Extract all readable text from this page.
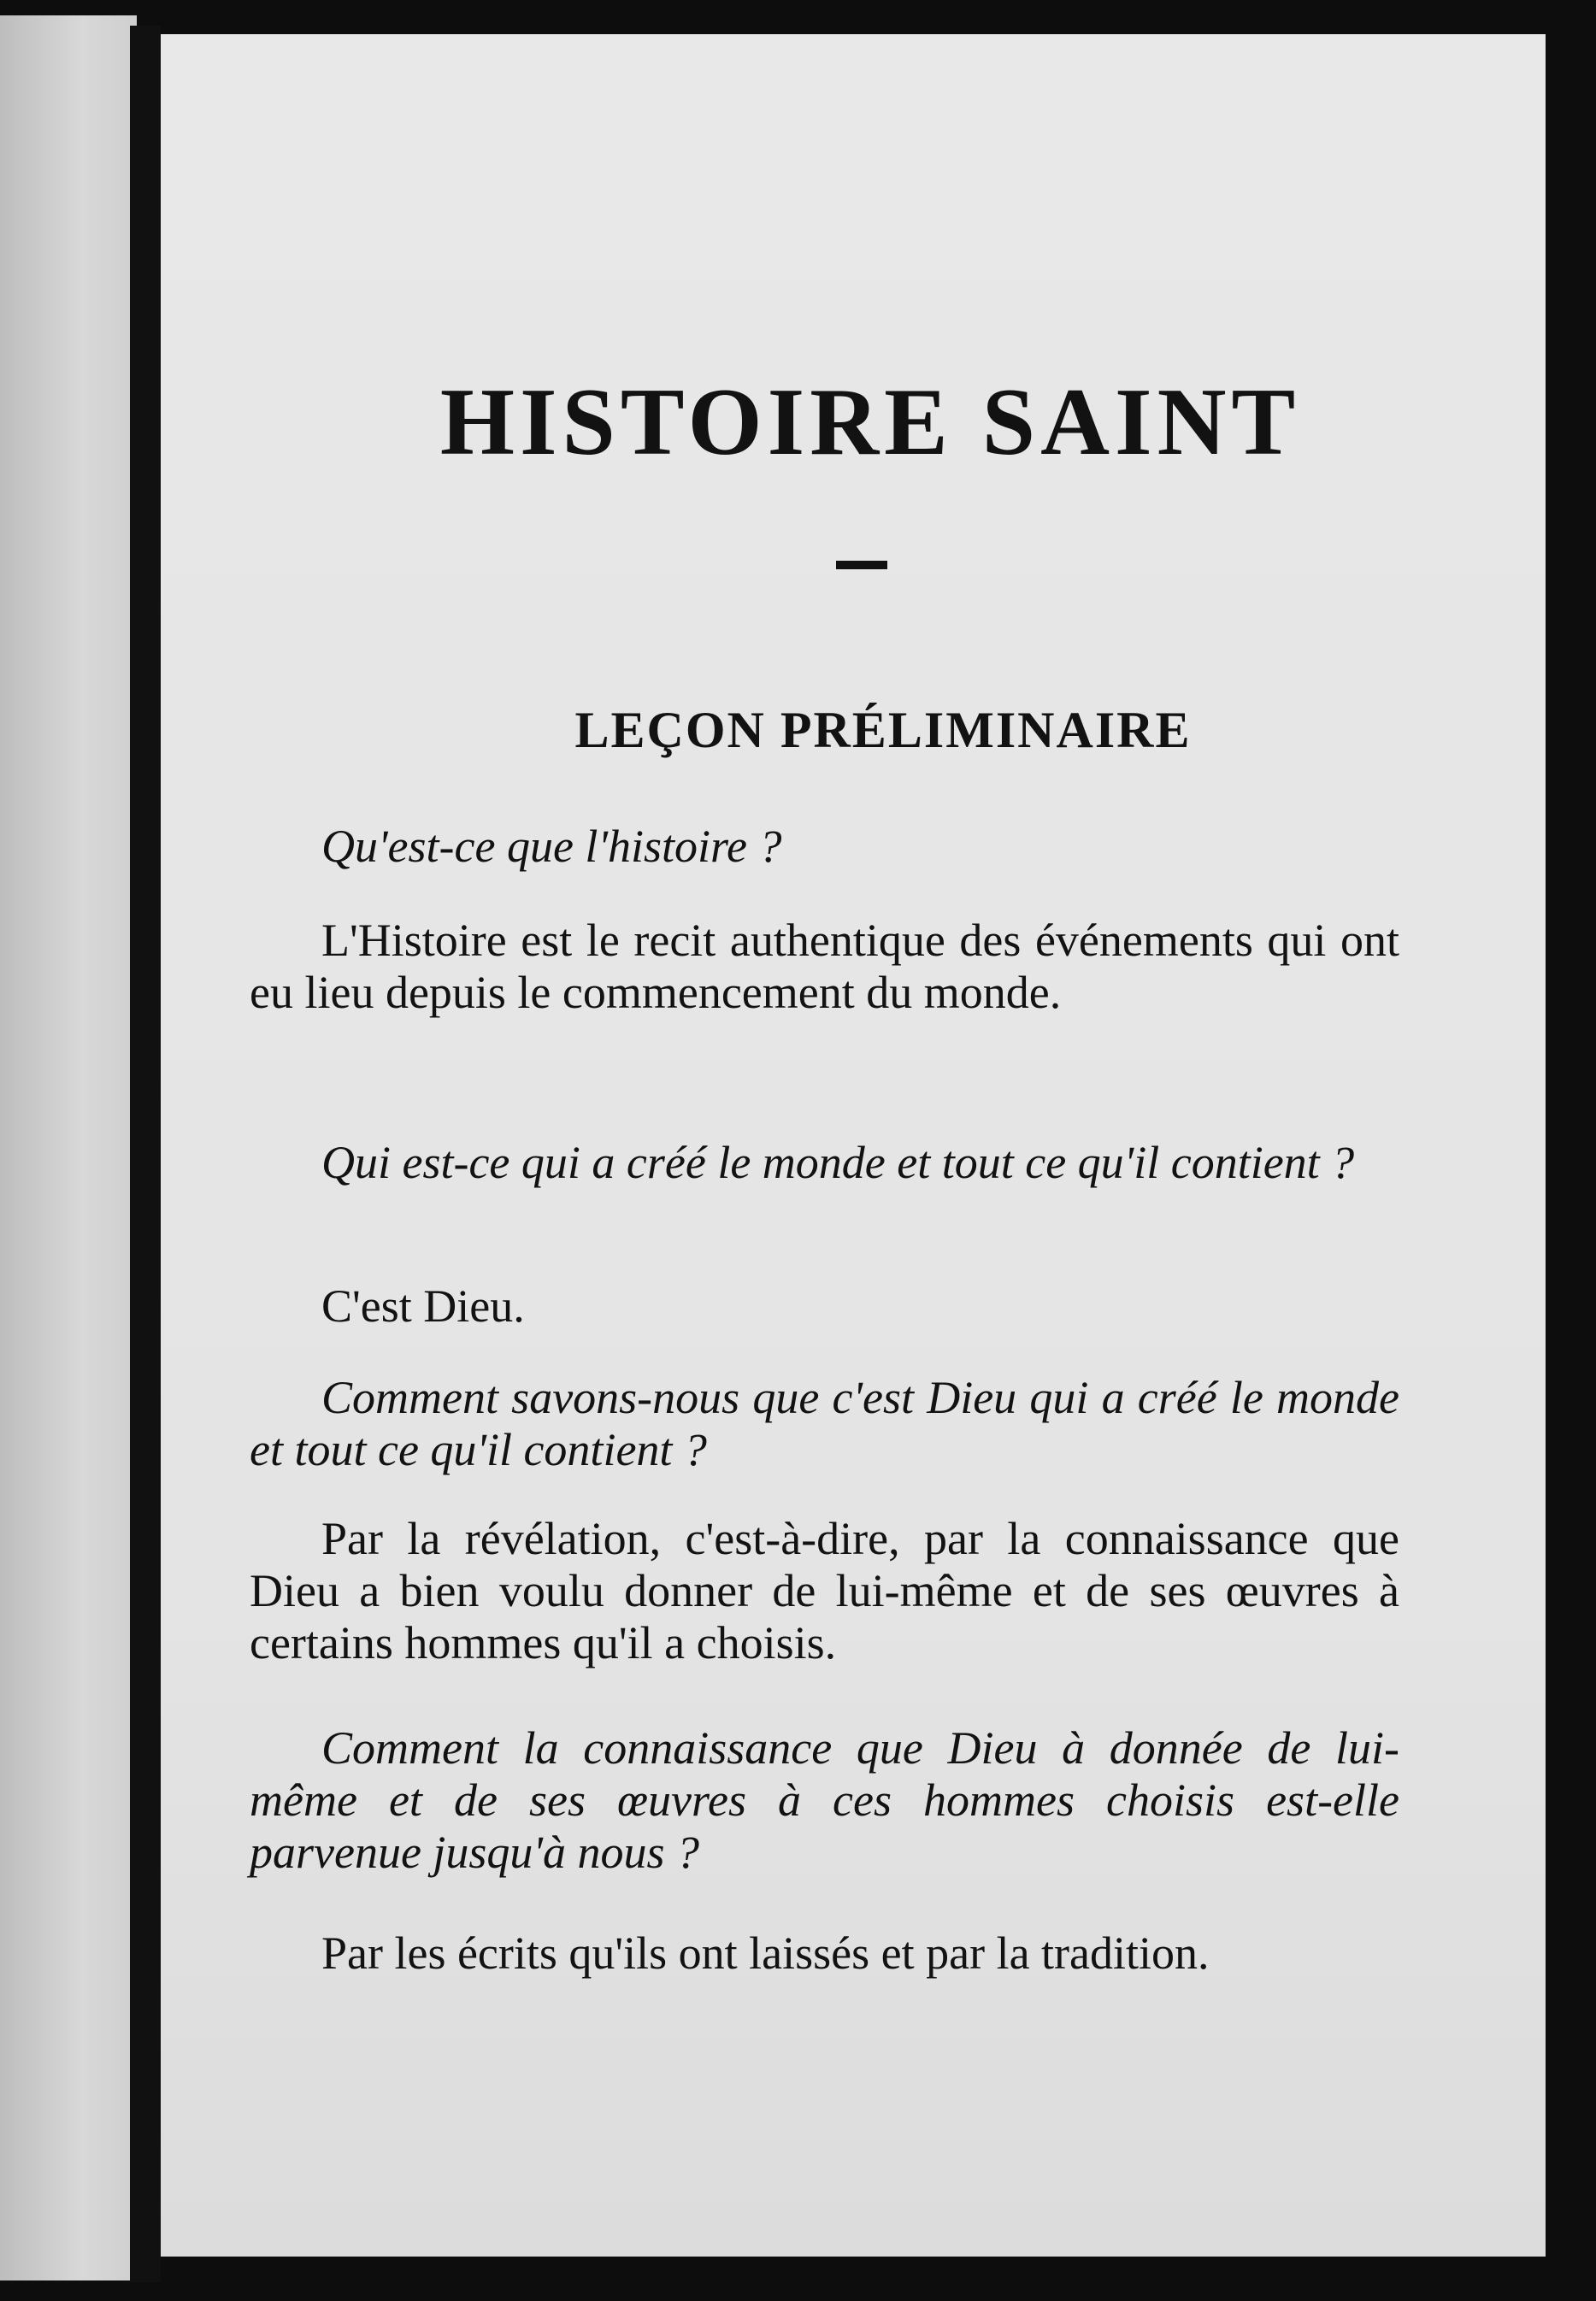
HISTOIRE SAINT
LEÇON PRÉLIMINAIRE
Qu'est-ce que l'histoire ?
L'Histoire est le recit authentique des événements qui ont eu lieu depuis le commencement du monde.
Qui est-ce qui a créé le monde et tout ce qu'il contient ?
C'est Dieu.
Comment savons-nous que c'est Dieu qui a créé le monde et tout ce qu'il contient ?
Par la révélation, c'est-à-dire, par la connaissance que Dieu a bien voulu donner de lui-même et de ses œuvres à certains hommes qu'il a choisis.
Comment la connaissance que Dieu à donnée de lui-même et de ses œuvres à ces hommes choisis est-elle parvenue jusqu'à nous ?
Par les écrits qu'ils ont laissés et par la tradition.
